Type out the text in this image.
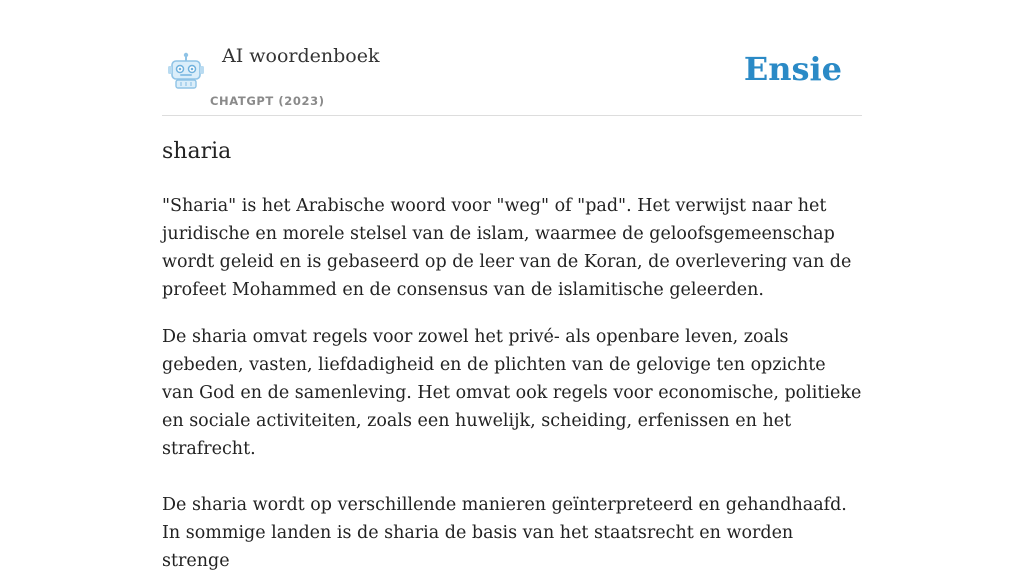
AI woordenboek
CHATGPT (2023)
Ensie
sharia

"Sharia" is het Arabische woord voor "weg" of "pad". Het verwijst naar het juridische en morele stelsel van de islam, waarmee de geloofsgemeenschap wordt geleid en is gebaseerd op de leer van de Koran, de overlevering van de profeet Mohammed en de consensus van de islamitische geleerden.

De sharia omvat regels voor zowel het privé- als openbare leven, zoals gebeden, vasten, liefdadigheid en de plichten van de gelovige ten opzichte van God en de samenleving. Het omvat ook regels voor economische, politieke en sociale activiteiten, zoals een huwelijk, scheiding, erfenissen en het strafrecht.

De sharia wordt op verschillende manieren geïnterpreteerd en gehandhaafd. In sommige landen is de sharia de basis van het staatsrecht en worden strenge
